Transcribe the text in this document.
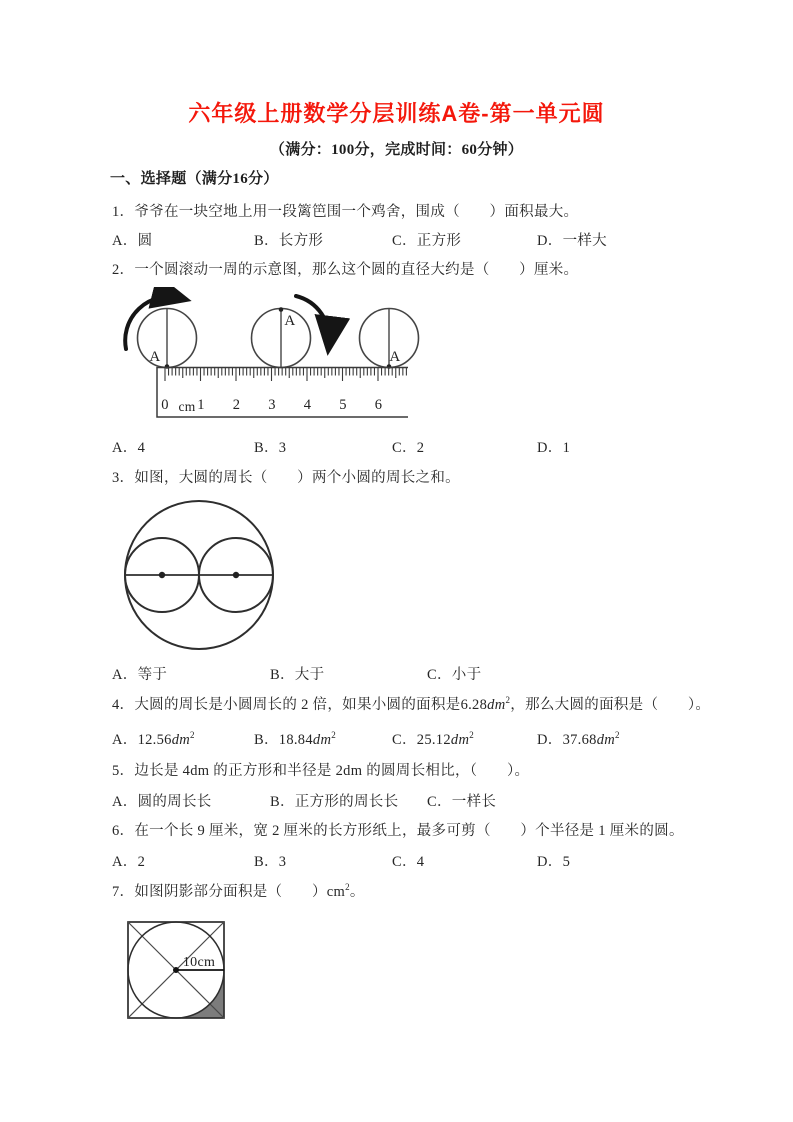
六年级上册数学分层训练A卷-第一单元圆
（满分：100分，完成时间：60分钟）
一、选择题（满分16分）
1．爷爷在一块空地上用一段篱笆围一个鸡舍，围成（　　）面积最大。
A．圆	B．长方形	C．正方形	D．一样大
2．一个圆滚动一周的示意图，那么这个圆的直径大约是（　　）厘米。
A
A
A
0 cm 1 2 3 4 5 6
A．4	B．3	C．2	D．1
3．如图，大圆的周长（　　）两个小圆的周长之和。
A．等于	B．大于	C．小于
4．大圆的周长是小圆周长的 2 倍，如果小圆的面积是$6.28dm^2$，那么大圆的面积是（　　）。
A．$12.56dm^2$	B．$18.84dm^2$	C．$25.12dm^2$	D．$37.68dm^2$
5．边长是 4dm 的正方形和半径是 2dm 的圆周长相比，（　　）。
A．圆的周长长	B．正方形的周长长	C．一样长
6．在一个长 9 厘米，宽 2 厘米的长方形纸上，最多可剪（　　）个半径是 1 厘米的圆。
A．2	B．3	C．4	D．5
7．如图阴影部分面积是（　　）$cm^2$。
10cm
